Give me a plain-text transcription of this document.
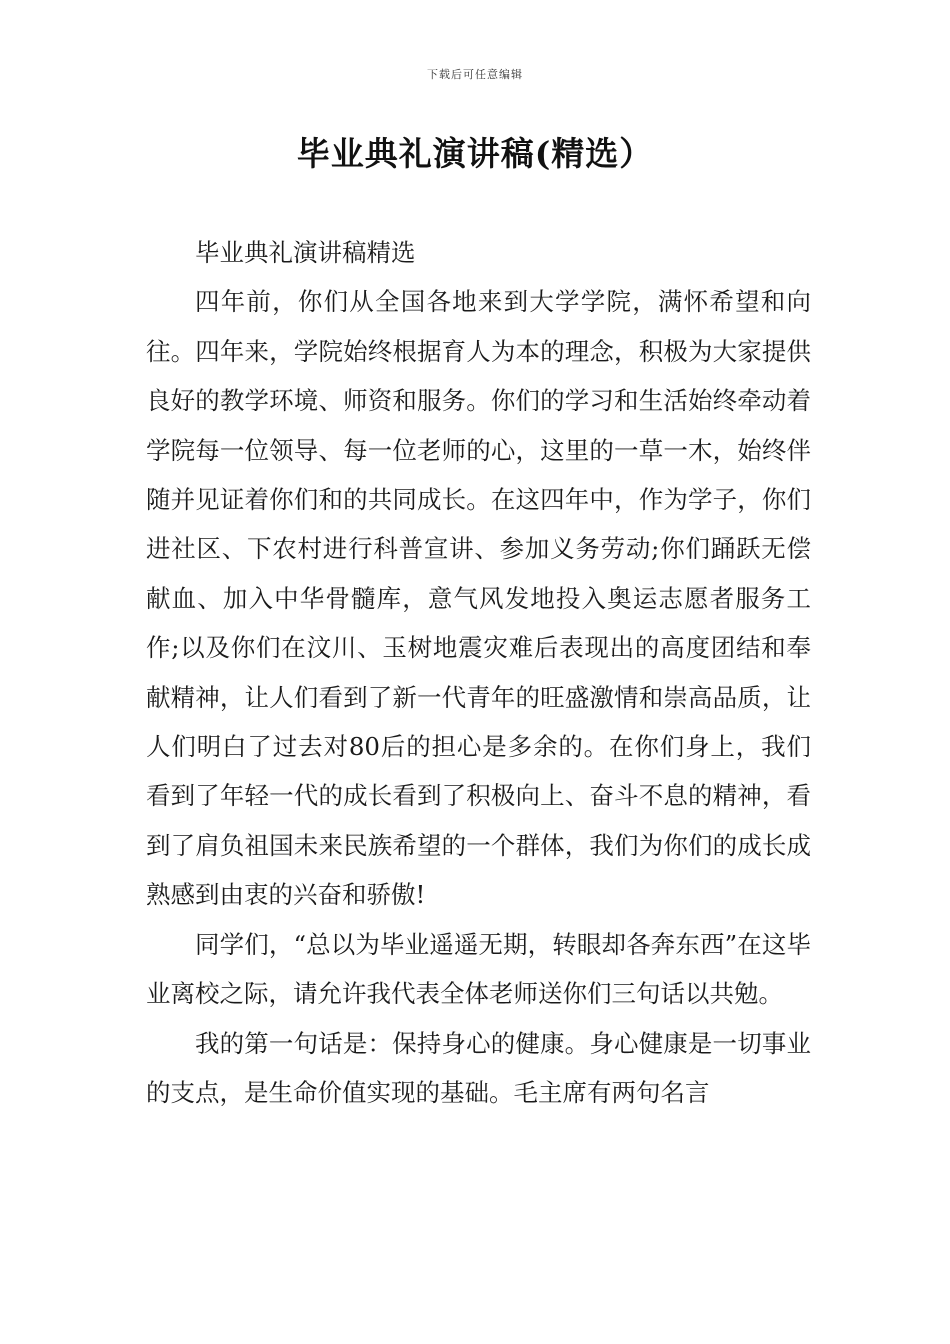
下载后可任意编辑
毕业典礼演讲稿(精选）

毕业典礼演讲稿精选

四年前，你们从全国各地来到大学学院，满怀希望和向往。四年来，学院始终根据育人为本的理念，积极为大家提供良好的教学环境、师资和服务。你们的学习和生活始终牵动着学院每一位领导、每一位老师的心，这里的一草一木，始终伴随并见证着你们和的共同成长。在这四年中，作为学子，你们进社区、下农村进行科普宣讲、参加义务劳动;你们踊跃无偿献血、加入中华骨髓库，意气风发地投入奥运志愿者服务工作;以及你们在汶川、玉树地震灾难后表现出的高度团结和奉献精神，让人们看到了新一代青年的旺盛激情和崇高品质，让人们明白了过去对80后的担心是多余的。在你们身上，我们看到了年轻一代的成长看到了积极向上、奋斗不息的精神，看到了肩负祖国未来民族希望的一个群体，我们为你们的成长成熟感到由衷的兴奋和骄傲!

同学们，“总以为毕业遥遥无期，转眼却各奔东西”在这毕业离校之际，请允许我代表全体老师送你们三句话以共勉。

我的第一句话是：保持身心的健康。身心健康是一切事业的支点，是生命价值实现的基础。毛主席有两句名言
